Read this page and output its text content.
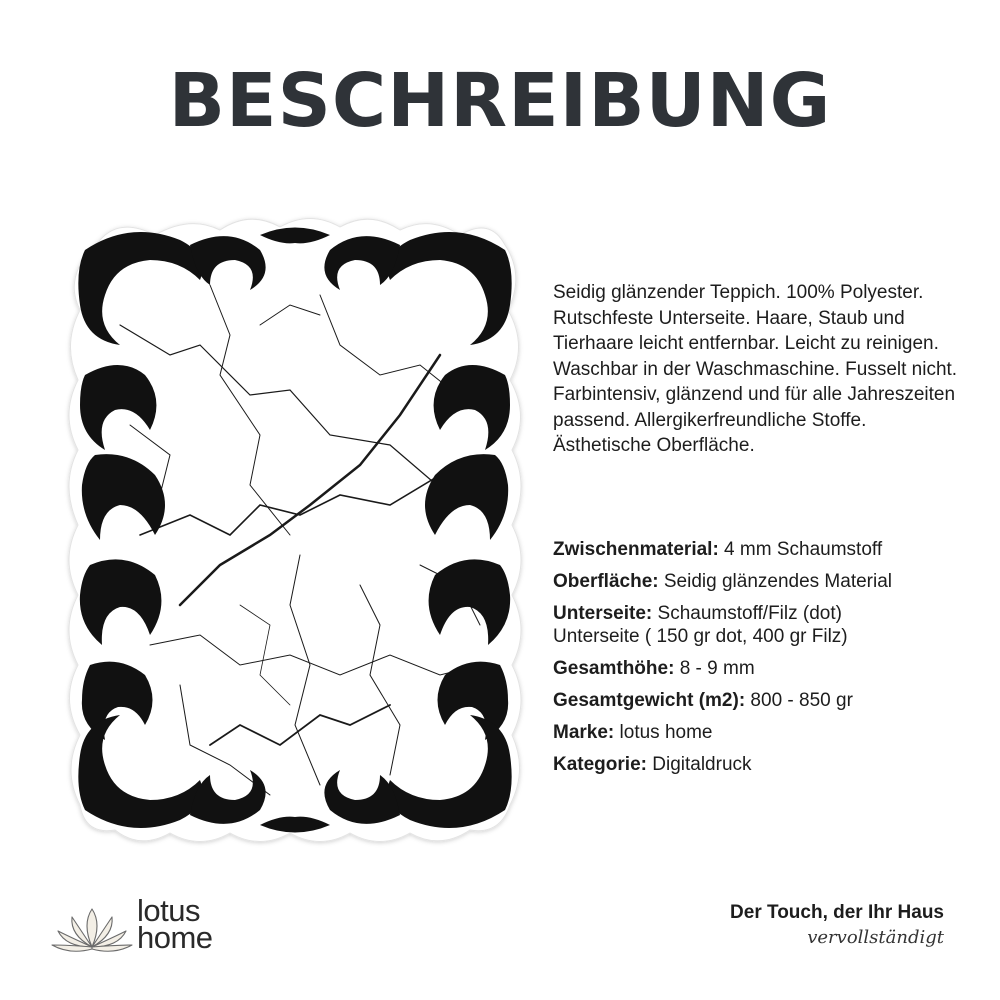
BESCHREIBUNG

Seidig glänzender Teppich. 100% Polyester. Rutschfeste Unterseite. Haare, Staub und Tierhaare leicht entfernbar. Leicht zu reinigen. Waschbar in der Waschmaschine. Fusselt nicht. Farbintensiv, glänzend und für alle Jahreszeiten passend. Allergikerfreundliche Stoffe. Ästhetische Oberfläche.

Zwischenmaterial: 4 mm Schaumstoff
Oberfläche: Seidig glänzendes Material
Unterseite: Schaumstoff/Filz (dot)
Unterseite ( 150 gr dot, 400 gr Filz)
Gesamthöhe: 8 - 9 mm
Gesamtgewicht (m2): 800 - 850 gr
Marke: lotus home
Kategorie: Digitaldruck
lotus
home
Der Touch, der Ihr Haus
vervollständigt
